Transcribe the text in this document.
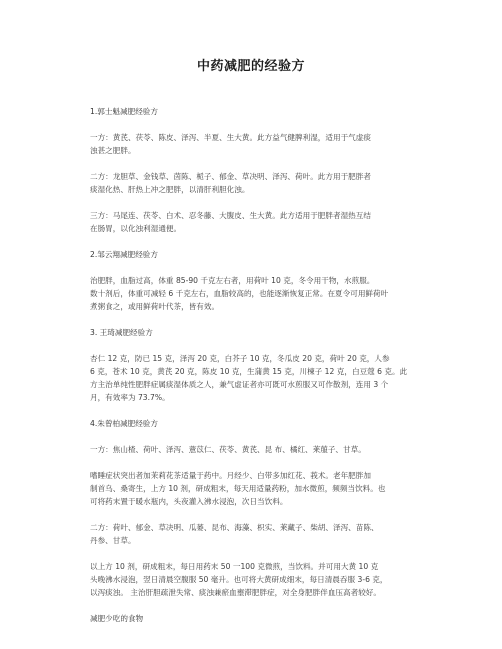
中药减肥的经验方
1.郭士魁减肥经验方
一方：黄芪、茯苓、陈皮、泽泻、半夏、生大黄。此方益气健脾利湿，适用于气虚痰
浊甚之肥胖。
二方：龙胆草、金钱草、茵陈、栀子、郁金、草决明、泽泻、荷叶。此方用于肥胖者
痰湿化热、肝热上冲之肥胖，以清肝利胆化浊。
三方：马尾连、茯苓、白术、忍冬藤、大腹皮、生大黄。此方适用于肥胖者湿热互结
在肠胃，以化浊利湿通便。
2.邹云翔减肥经验方
治肥胖，血脂过高，体重 85-90 千克左右者，用荷叶 10 克，冬令用干物，水煎服。
数十剂后，体重可减轻 6 千克左右，血脂较高的，也能逐渐恢复正常。在夏令可用鲜荷叶
煮粥食之，或用鲜荷叶代茶，皆有效。
3. 王琦减肥经验方
杏仁 12 克，防已 15 克，泽泻 20 克，白芥子 10 克，冬瓜皮 20 克，荷叶 20 克，人参
6 克，苍术 10 克，黄芪 20 克，陈皮 10 克，生蒲黄 15 克，川楝子 12 克，白豆蔻 6 克。此
方主治单纯性肥胖症属痰湿体质之人，兼气虚证者亦可既可水煎服又可作散剂，连用 3 个
月，有效率为 73.7%。
4.朱曾柏减肥经验方
一方：焦山楂、荷叶、泽泻、薏苡仁、茯苓、黄芪、昆 布、橘红、莱菔子、甘草。
嗜睡症状突出者加茉莉花茶适量于药中。月经少、白带多加红花、莪术。老年肥胖加
制首乌、桑寄生，上方 10 剂，研成粗末，每天用适量药粉，加水微煎，频频当饮料。也
可将药末置于暖水瓶内，头夜灌入沸水浸泡，次日当饮料。
二方：荷叶、郁金、草决明、瓜蒌、昆布、海藻、枳实、莱藏子、柴胡、泽泻、苗陈、
丹参、甘草。
以上方 10 剂，研成粗末，每日用药末 50 一100 克微煎，当饮料。并可用大黄 10 克
头晚沸水浸泡，翌日清晨空腹服 50 毫升。也可将大黄研成细末，每日清晨吞服 3-6 克，
以泻痰浊。 主治肝胆疏泄失常、痰浊兼瘀血壅滞肥胖症，对全身肥胖伴血压高者较好。
减肥少吃的食物
